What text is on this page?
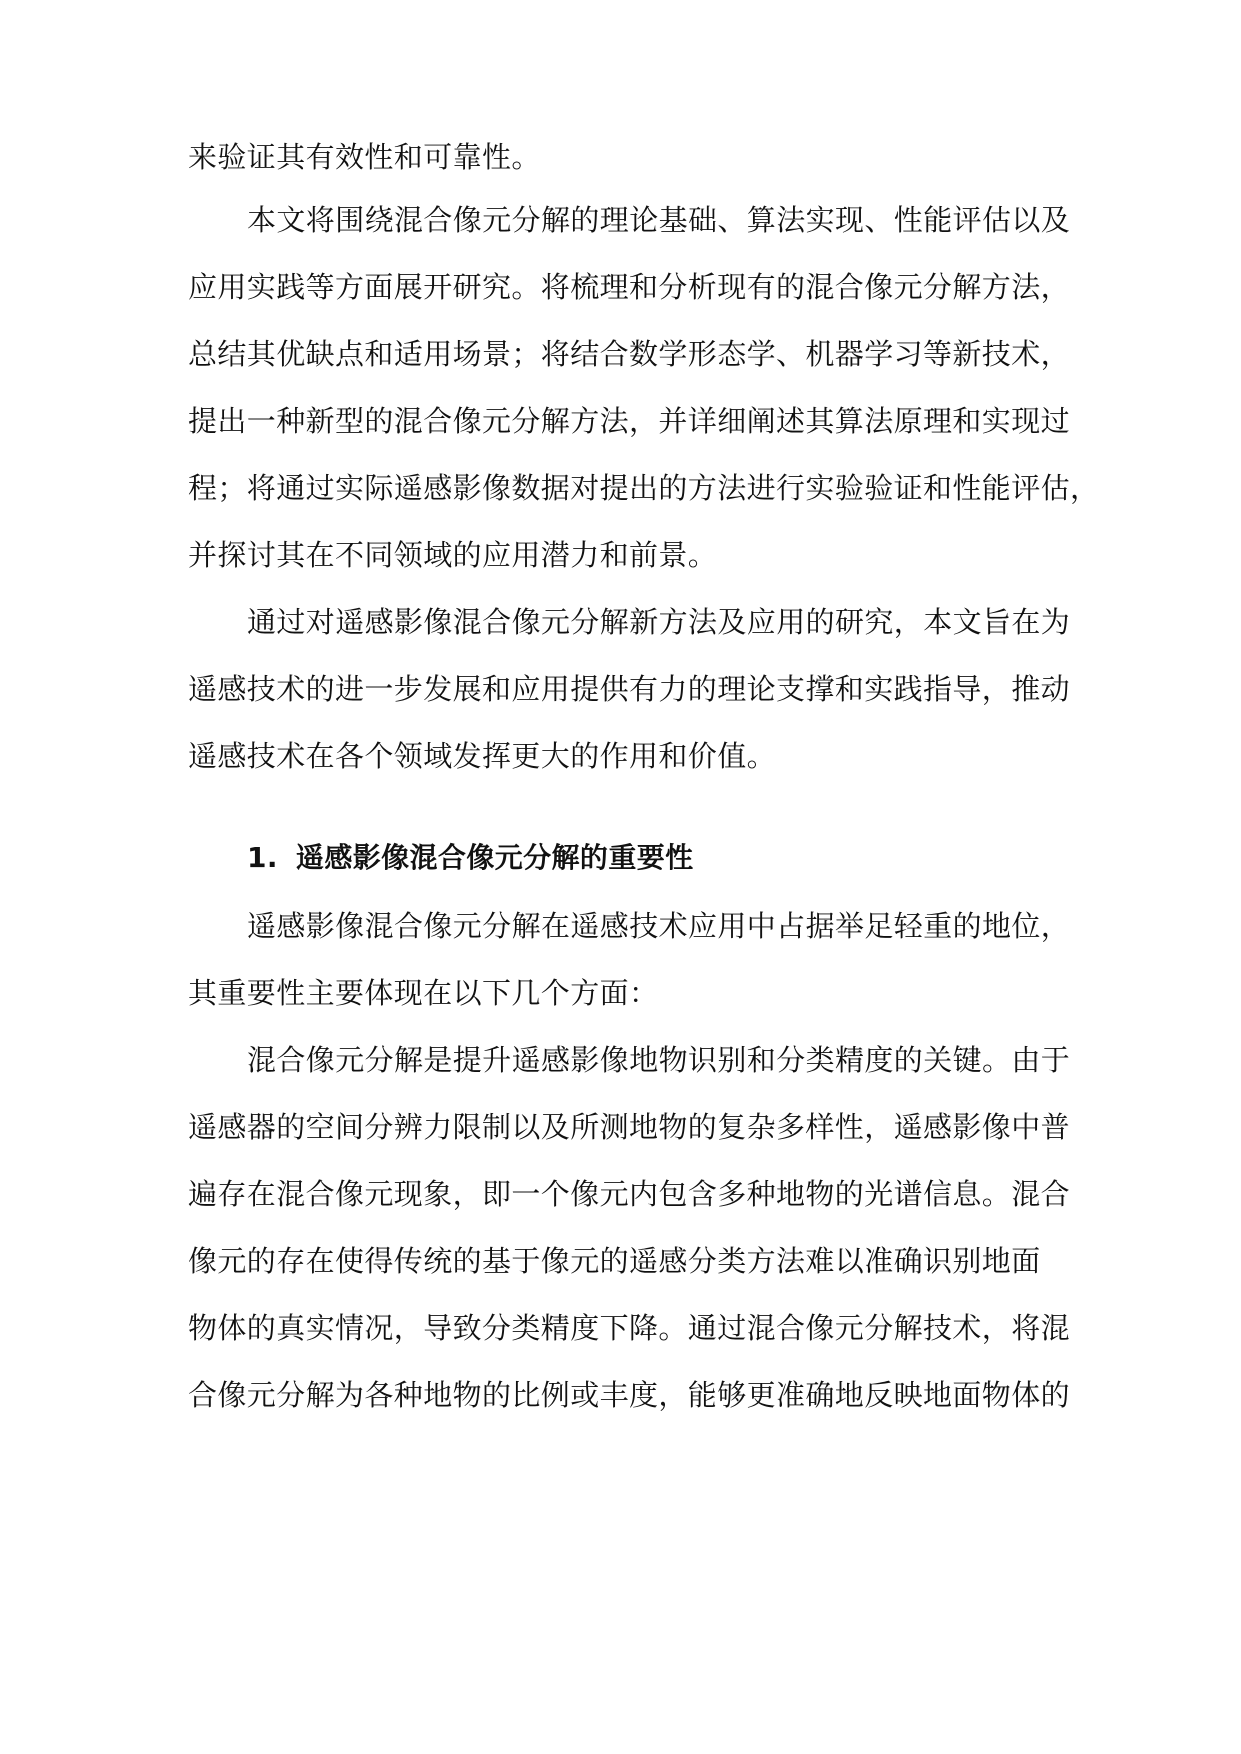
来验证其有效性和可靠性。
本文将围绕混合像元分解的理论基础、算法实现、性能评估以及
应用实践等方面展开研究。将梳理和分析现有的混合像元分解方法，
总结其优缺点和适用场景；将结合数学形态学、机器学习等新技术，
提出一种新型的混合像元分解方法，并详细阐述其算法原理和实现过
程；将通过实际遥感影像数据对提出的方法进行实验验证和性能评估，
并探讨其在不同领域的应用潜力和前景。
通过对遥感影像混合像元分解新方法及应用的研究，本文旨在为
遥感技术的进一步发展和应用提供有力的理论支撑和实践指导，推动
遥感技术在各个领域发挥更大的作用和价值。
1. 遥感影像混合像元分解的重要性
遥感影像混合像元分解在遥感技术应用中占据举足轻重的地位，
其重要性主要体现在以下几个方面：
混合像元分解是提升遥感影像地物识别和分类精度的关键。由于
遥感器的空间分辨力限制以及所测地物的复杂多样性，遥感影像中普
遍存在混合像元现象，即一个像元内包含多种地物的光谱信息。混合
像元的存在使得传统的基于像元的遥感分类方法难以准确识别地面
物体的真实情况，导致分类精度下降。通过混合像元分解技术，将混
合像元分解为各种地物的比例或丰度，能够更准确地反映地面物体的
